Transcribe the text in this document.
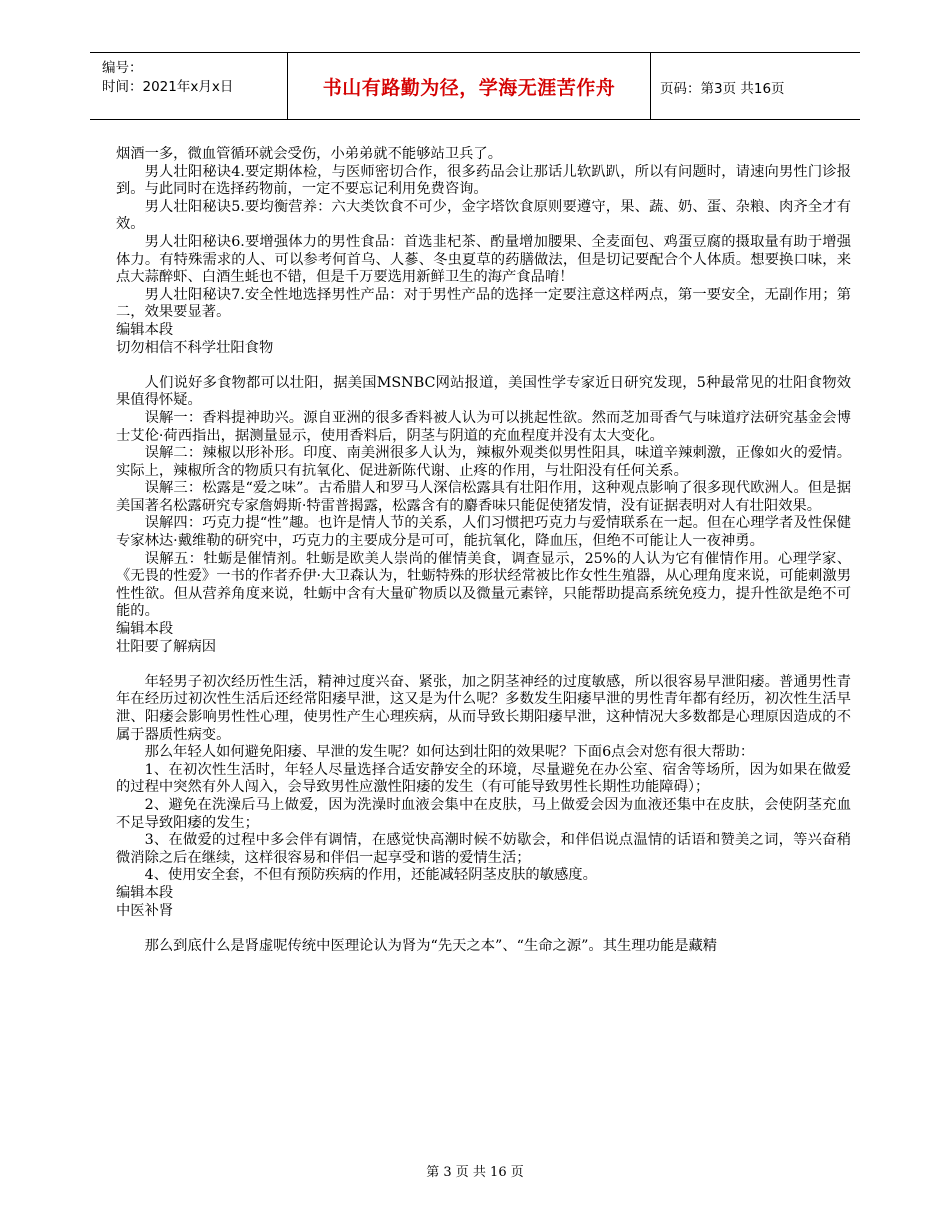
编号：
时间：2021年x月x日	书山有路勤为径，学海无涯苦作舟	页码：第3页 共16页

烟酒一多，微血管循环就会受伤，小弟弟就不能够站卫兵了。

男人壮阳秘诀4.要定期体检，与医师密切合作，很多药品会让那话儿软趴趴，所以有问题时，请速向男性门诊报到。与此同时在选择药物前，一定不要忘记利用免费咨询。

男人壮阳秘诀5.要均衡营养：六大类饮食不可少，金字塔饮食原则要遵守，果、蔬、奶、蛋、杂粮、肉齐全才有效。

男人壮阳秘诀6.要增强体力的男性食品：首选韭杞茶、酌量增加腰果、全麦面包、鸡蛋豆腐的摄取量有助于增强体力。有特殊需求的人、可以参考何首乌、人蔘、冬虫夏草的药膳做法，但是切记要配合个人体质。想要换口味，来点大蒜醉虾、白酒生蚝也不错，但是千万要选用新鲜卫生的海产食品唷！

男人壮阳秘诀7.安全性地选择男性产品：对于男性产品的选择一定要注意这样两点，第一要安全，无副作用；第二，效果要显著。

编辑本段

切勿相信不科学壮阳食物

人们说好多食物都可以壮阳，据美国MSNBC网站报道，美国性学专家近日研究发现，5种最常见的壮阳食物效果值得怀疑。

误解一：香料提神助兴。源自亚洲的很多香料被人认为可以挑起性欲。然而芝加哥香气与味道疗法研究基金会博士艾伦·荷西指出，据测量显示，使用香料后，阴茎与阴道的充血程度并没有太大变化。

误解二：辣椒以形补形。印度、南美洲很多人认为，辣椒外观类似男性阳具，味道辛辣刺激，正像如火的爱情。实际上，辣椒所含的物质只有抗氧化、促进新陈代谢、止疼的作用，与壮阳没有任何关系。

误解三：松露是“爱之味”。古希腊人和罗马人深信松露具有壮阳作用，这种观点影响了很多现代欧洲人。但是据美国著名松露研究专家詹姆斯·特雷普揭露，松露含有的麝香味只能促使猪发情，没有证据表明对人有壮阳效果。

误解四：巧克力提“性”趣。也许是情人节的关系，人们习惯把巧克力与爱情联系在一起。但在心理学者及性保健专家林达·戴维勒的研究中，巧克力的主要成分是可可，能抗氧化，降血压，但绝不可能让人一夜神勇。

误解五：牡蛎是催情剂。牡蛎是欧美人崇尚的催情美食，调查显示，25%的人认为它有催情作用。心理学家、《无畏的性爱》一书的作者乔伊·大卫森认为，牡蛎特殊的形状经常被比作女性生殖器，从心理角度来说，可能刺激男性性欲。但从营养角度来说，牡蛎中含有大量矿物质以及微量元素锌，只能帮助提高系统免疫力，提升性欲是绝不可能的。

编辑本段

壮阳要了解病因

年轻男子初次经历性生活，精神过度兴奋、紧张，加之阴茎神经的过度敏感，所以很容易早泄阳痿。普通男性青年在经历过初次性生活后还经常阳痿早泄，这又是为什么呢？多数发生阳痿早泄的男性青年都有经历，初次性生活早泄、阳痿会影响男性性心理，使男性产生心理疾病，从而导致长期阳痿早泄，这种情况大多数都是心理原因造成的不属于器质性病变。

那么年轻人如何避免阳痿、早泄的发生呢？如何达到壮阳的效果呢？下面6点会对您有很大帮助：

1、在初次性生活时，年轻人尽量选择合适安静安全的环境，尽量避免在办公室、宿舍等场所，因为如果在做爱的过程中突然有外人闯入，会导致男性应激性阳痿的发生（有可能导致男性长期性功能障碍）；

2、避免在洗澡后马上做爱，因为洗澡时血液会集中在皮肤，马上做爱会因为血液还集中在皮肤，会使阴茎充血不足导致阳痿的发生；

3、在做爱的过程中多会伴有调情，在感觉快高潮时候不妨歇会，和伴侣说点温情的话语和赞美之词，等兴奋稍微消除之后在继续，这样很容易和伴侣一起享受和谐的爱情生活；

4、使用安全套，不但有预防疾病的作用，还能减轻阴茎皮肤的敏感度。

编辑本段

中医补肾

那么到底什么是肾虚呢传统中医理论认为肾为“先天之本”、“生命之源”。其生理功能是藏精

第 3 页 共 16 页
